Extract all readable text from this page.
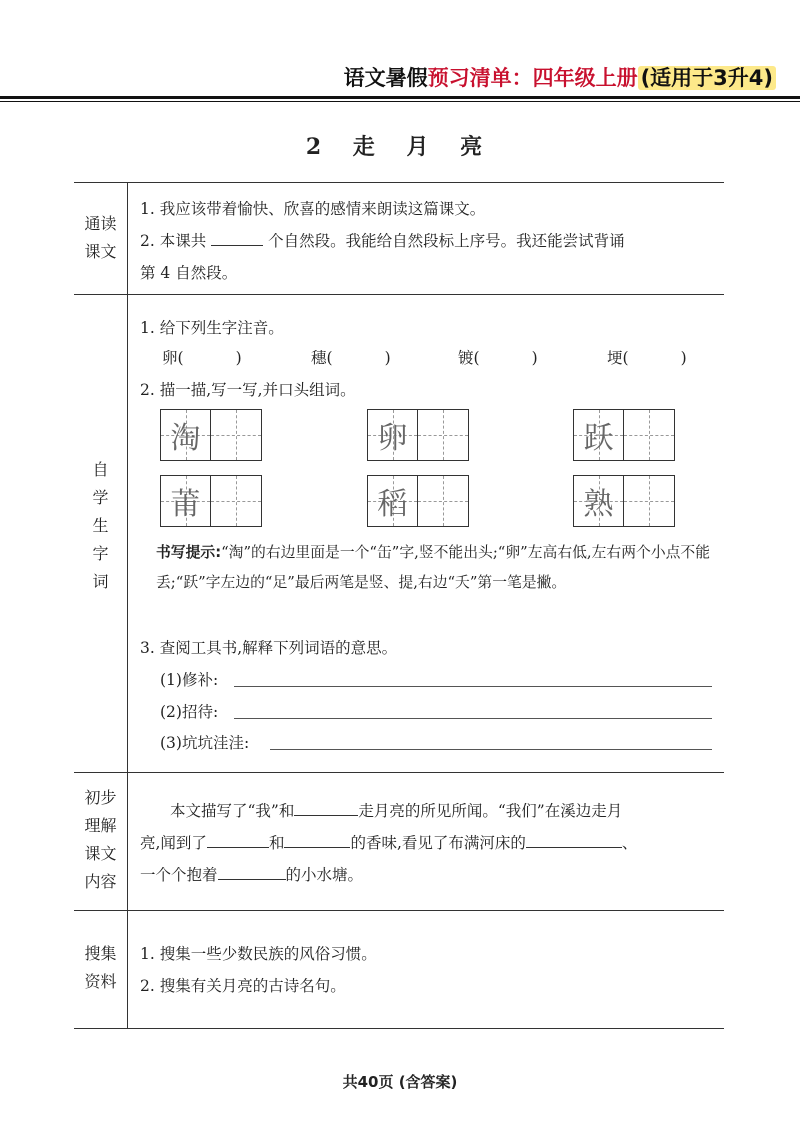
语文暑假预习清单：四年级上册 (适用于3升4)
2 走 月 亮
通读
课文
1. 我应该带着愉快、欣喜的感情来朗读这篇课文。
2. 本课共	个自然段。我能给自然段标上序号。我还能尝试背诵
第 4 自然段。
自
学
生
字
词
1. 给下列生字注音。
卵(	)	穗(	)	镀(	)	埂(	)
2. 描一描,写一写,并口头组词。
淘	卵	跃
莆	稻	熟
书写提示:“淘”的右边里面是一个“缶”字,竖不能出头;“卵”左高右低,左右两个小点不能丢;“跃”字左边的“足”最后两笔是竖、提,右边“夭”第一笔是撇。
3. 查阅工具书,解释下列词语的意思。
(1)修补:
(2)招待:
(3)坑坑洼洼:
初步
理解
课文
内容
本文描写了“我”和	走月亮的所见所闻。“我们”在溪边走月
亮,闻到了	和	的香味,看见了布满河床的	、
一个个抱着	的小水塘。
搜集
资料
1. 搜集一些少数民族的风俗习惯。
2. 搜集有关月亮的古诗名句。
共40页 (含答案)
